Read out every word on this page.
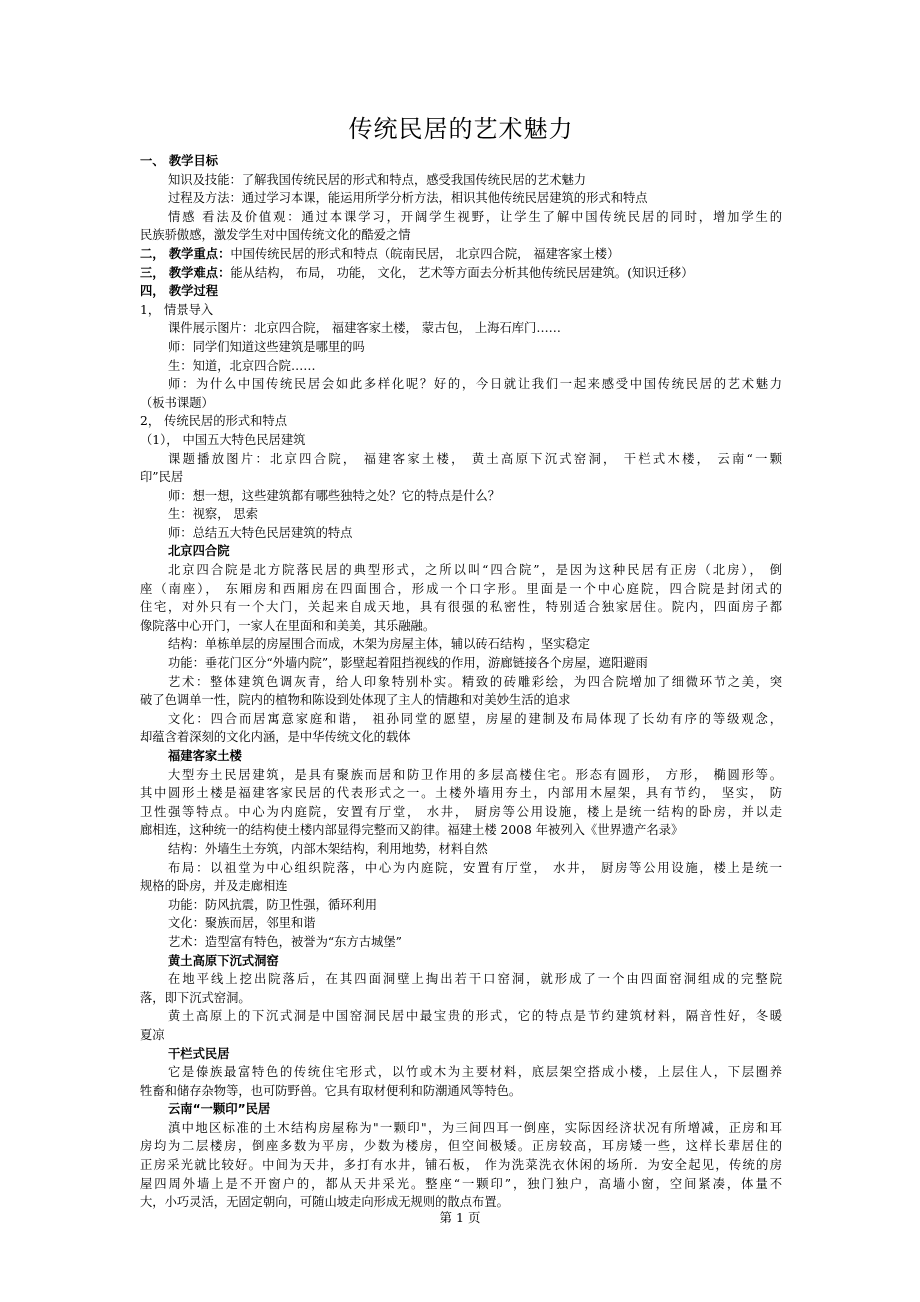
传统民居的艺术魅力
一、 教学目标
知识及技能：了解我国传统民居的形式和特点，感受我国传统民居的艺术魅力
过程及方法：通过学习本课，能运用所学分析方法，相识其他传统民居建筑的形式和特点
情感 看法及价值观：通过本课学习，开阔学生视野，让学生了解中国传统民居的同时，增加学生的
民族骄傲感，激发学生对中国传统文化的酷爱之情
二， 教学重点：中国传统民居的形式和特点（皖南民居， 北京四合院， 福建客家土楼）
三， 教学难点：能从结构， 布局， 功能， 文化， 艺术等方面去分析其他传统民居建筑。(知识迁移）
四， 教学过程
1， 情景导入
课件展示图片：北京四合院， 福建客家土楼， 蒙古包， 上海石库门……
师：同学们知道这些建筑是哪里的吗
生：知道，北京四合院……
师：为什么中国传统民居会如此多样化呢？好的，今日就让我们一起来感受中国传统民居的艺术魅力
（板书课题）
2， 传统民居的形式和特点
（1）， 中国五大特色民居建筑
课题播放图片：北京四合院， 福建客家土楼， 黄土高原下沉式窑洞， 干栏式木楼， 云南“一颗
印”民居
师：想一想，这些建筑都有哪些独特之处？它的特点是什么？
生：视察， 思索
师：总结五大特色民居建筑的特点
北京四合院
北京四合院是北方院落民居的典型形式，之所以叫“四合院”，是因为这种民居有正房（北房）， 倒
座（南座）， 东厢房和西厢房在四面围合，形成一个口字形。里面是一个中心庭院，四合院是封闭式的
住宅，对外只有一个大门，关起来自成天地，具有很强的私密性，特别适合独家居住。院内，四面房子都
像院落中心开门，一家人在里面和和美美，其乐融融。
结构：单栋单层的房屋围合而成，木架为房屋主体，辅以砖石结构 ，坚实稳定
功能：垂花门区分“外墙内院”，影壁起着阻挡视线的作用，游廊链接各个房屋，遮阳避雨
艺术：整体建筑色调灰青，给人印象特别朴实。精致的砖雕彩绘，为四合院增加了细微环节之美，突
破了色调单一性，院内的植物和陈设到处体现了主人的情趣和对美妙生活的追求
文化：四合而居寓意家庭和谐， 祖孙同堂的愿望，房屋的建制及布局体现了长幼有序的等级观念，
却蕴含着深刻的文化内涵，是中华传统文化的载体
福建客家土楼
大型夯土民居建筑，是具有聚族而居和防卫作用的多层高楼住宅。形态有圆形， 方形， 椭圆形等。
其中圆形土楼是福建客家民居的代表形式之一。土楼外墙用夯土，内部用木屋架，具有节约， 坚实， 防
卫性强等特点。中心为内庭院，安置有厅堂， 水井， 厨房等公用设施，楼上是统一结构的卧房，并以走
廊相连，这种统一的结构使土楼内部显得完整而又韵律。福建土楼 2008 年被列入《世界遗产名录》
结构：外墙生土夯筑，内部木架结构，利用地势，材料自然
布局：以祖堂为中心组织院落，中心为内庭院，安置有厅堂， 水井， 厨房等公用设施，楼上是统一
规格的卧房，并及走廊相连
功能：防风抗震，防卫性强，循环利用
文化：聚族而居，邻里和谐
艺术：造型富有特色，被誉为“东方古城堡”
黄土高原下沉式洞窑
在地平线上挖出院落后，在其四面洞壁上掏出若干口窑洞，就形成了一个由四面窑洞组成的完整院
落，即下沉式窑洞。
黄土高原上的下沉式洞是中国窑洞民居中最宝贵的形式，它的特点是节约建筑材料，隔音性好，冬暖
夏凉
干栏式民居
它是傣族最富特色的传统住宅形式，以竹或木为主要材料，底层架空搭成小楼，上层住人，下层圈养
牲畜和储存杂物等，也可防野兽。它具有取材便利和防潮通风等特色。
云南“一颗印”民居
滇中地区标准的土木结构房屋称为"一颗印"，为三间四耳一倒座，实际因经济状况有所增减，正房和耳
房均为二层楼房，倒座多数为平房，少数为楼房，但空间极矮。正房较高，耳房矮一些，这样长辈居住的
正房采光就比较好。中间为天井，多打有水井，铺石板， 作为洗菜洗衣休闲的场所．为安全起见，传统的房
屋四周外墙上是不开窗户的，都从天井采光。整座“一颗印”，独门独户，高墙小窗，空间紧凑，体量不
大，小巧灵活，无固定朝向，可随山坡走向形成无规则的散点布置。
第 1 页
